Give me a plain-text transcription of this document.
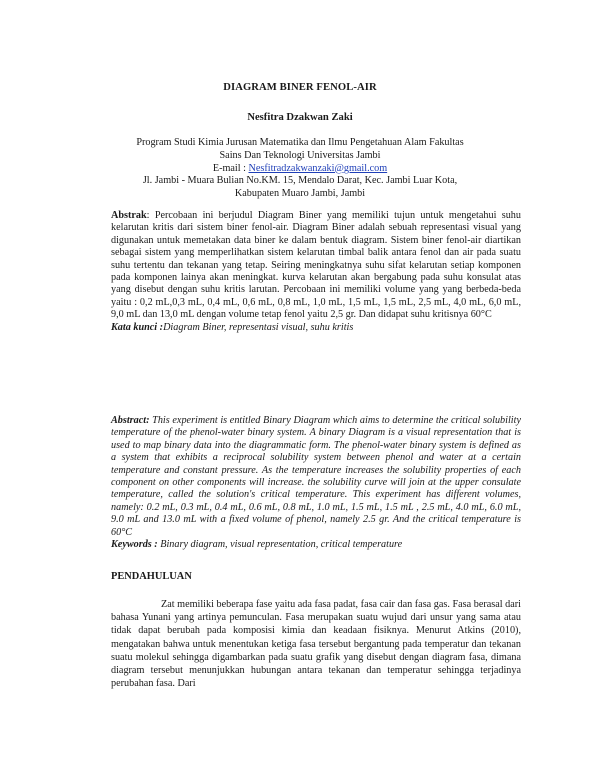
DIAGRAM BINER FENOL-AIR
Nesfitra Dzakwan Zaki
Program Studi Kimia Jurusan Matematika dan Ilmu Pengetahuan Alam Fakultas
Sains Dan Teknologi Universitas Jambi
E-mail : Nesfitradzakwanzaki@gmail.com
Jl. Jambi - Muara Bulian No.KM. 15, Mendalo Darat, Kec. Jambi Luar Kota,
Kabupaten Muaro Jambi, Jambi
Abstrak: Percobaan ini berjudul Diagram Biner yang memiliki tujun untuk mengetahui suhu kelarutan kritis dari sistem biner fenol-air. Diagram Biner adalah sebuah representasi visual yang digunakan untuk memetakan data biner ke dalam bentuk diagram. Sistem biner fenol-air diartikan sebagai sistem yang memperlihatkan sistem kelarutan timbal balik antara fenol dan air pada suatu suhu tertentu dan tekanan yang tetap. Seiring meningkatnya suhu sifat kelarutan setiap komponen pada komponen lainya akan meningkat. kurva kelarutan akan bergabung pada suhu konsulat atas yang disebut dengan suhu kritis larutan. Percobaan ini memiliki volume yang yang berbeda-beda yaitu : 0,2 mL,0,3 mL, 0,4 mL, 0,6 mL, 0,8 mL, 1,0 mL, 1,5 mL, 1,5 mL, 2,5 mL, 4,0 mL, 6,0 mL, 9,0 mL dan 13,0 mL dengan volume tetap fenol yaitu 2,5 gr. Dan didapat suhu kritisnya 60°C
Kata kunci :Diagram Biner, representasi visual, suhu kritis
Abstract: This experiment is entitled Binary Diagram which aims to determine the critical solubility temperature of the phenol-water binary system. A binary Diagram is a visual representation that is used to map binary data into the diagrammatic form. The phenol-water binary system is defined as a system that exhibits a reciprocal solubility system between phenol and water at a certain temperature and constant pressure. As the temperature increases the solubility properties of each component on other components will increase. the solubility curve will join at the upper consulate temperature, called the solution's critical temperature. This experiment has different volumes, namely: 0.2 mL, 0.3 mL, 0.4 mL, 0.6 mL, 0.8 mL, 1.0 mL, 1.5 mL, 1.5 mL , 2.5 mL, 4.0 mL, 6.0 mL, 9.0 mL and 13.0 mL with a fixed volume of phenol, namely 2.5 gr. And the critical temperature is 60°C
Keywords : Binary diagram, visual representation, critical temperature
PENDAHULUAN
Zat memiliki beberapa fase yaitu ada fasa padat, fasa cair dan fasa gas. Fasa berasal dari bahasa Yunani yang artinya pemunculan. Fasa merupakan suatu wujud dari unsur yang sama atau tidak dapat berubah pada komposisi kimia dan keadaan fisiknya. Menurut Atkins (2010), mengatakan bahwa untuk menentukan ketiga fasa tersebut bergantung pada temperatur dan tekanan suatu molekul sehingga digambarkan pada suatu grafik yang disebut dengan diagram fasa, dimana diagram tersebut menunjukkan hubungan antara tekanan dan temperatur sehingga terjadinya perubahan fasa. Dari
